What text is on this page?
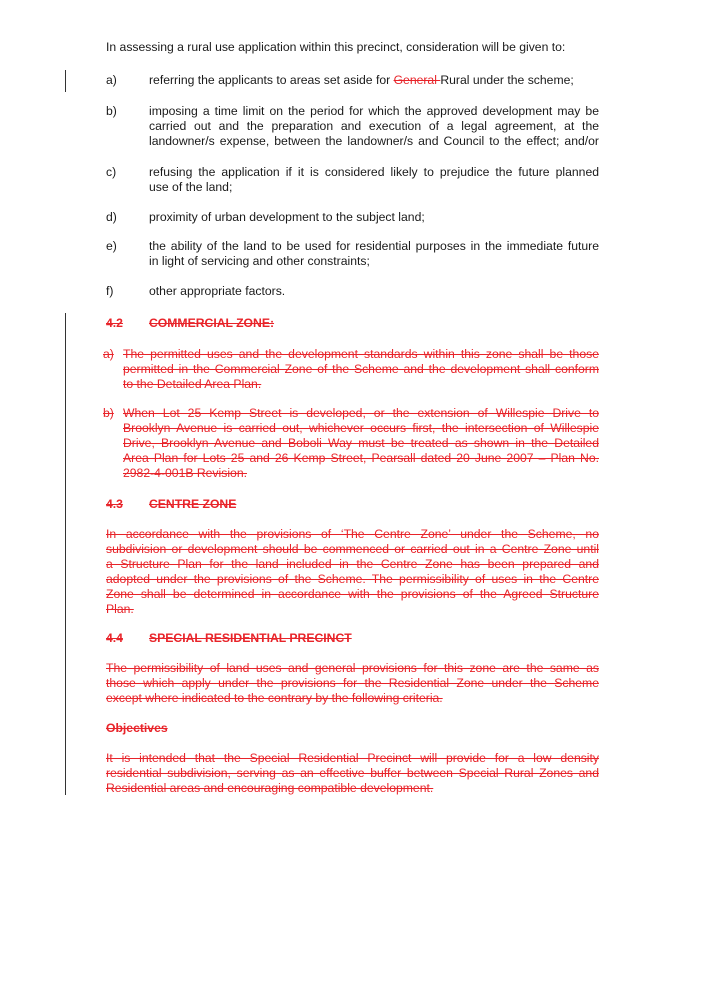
In assessing a rural use application within this precinct, consideration will be given to:
a)	referring the applicants to areas set aside for General Rural under the scheme;
b)	imposing a time limit on the period for which the approved development may be
carried out and the preparation and execution of a legal agreement, at the
landowner/s expense, between the landowner/s and Council to the effect; and/or
c)	refusing the application if it is considered likely to prejudice the future planned
use of the land;
d)	proximity of urban development to the subject land;
e)	the ability of the land to be used for residential purposes in the immediate future
in light of servicing and other constraints;
f)	other appropriate factors.
4.2 COMMERCIAL ZONE:
a) The permitted uses and the development standards within this zone shall be those
permitted in the Commercial Zone of the Scheme and the development shall conform
to the Detailed Area Plan.
b) When Lot 25 Kemp Street is developed, or the extension of Willespie Drive to
Brooklyn Avenue is carried out, whichever occurs first, the intersection of Willespie
Drive, Brooklyn Avenue and Boboli Way must be treated as shown in the Detailed
Area Plan for Lots 25 and 26 Kemp Street, Pearsall dated 20 June 2007 – Plan No.
2982-4-001B Revision.
4.3 CENTRE ZONE
In accordance with the provisions of ‘The Centre Zone’ under the Scheme, no
subdivision or development should be commenced or carried out in a Centre Zone until
a Structure Plan for the land included in the Centre Zone has been prepared and
adopted under the provisions of the Scheme. The permissibility of uses in the Centre
Zone shall be determined in accordance with the provisions of the Agreed Structure
Plan.
4.4 SPECIAL RESIDENTIAL PRECINCT
The permissibility of land uses and general provisions for this zone are the same as
those which apply under the provisions for the Residential Zone under the Scheme
except where indicated to the contrary by the following criteria.
Objectives
It is intended that the Special Residential Precinct will provide for a low density
residential subdivision, serving as an effective buffer between Special Rural Zones and
Residential areas and encouraging compatible development.
